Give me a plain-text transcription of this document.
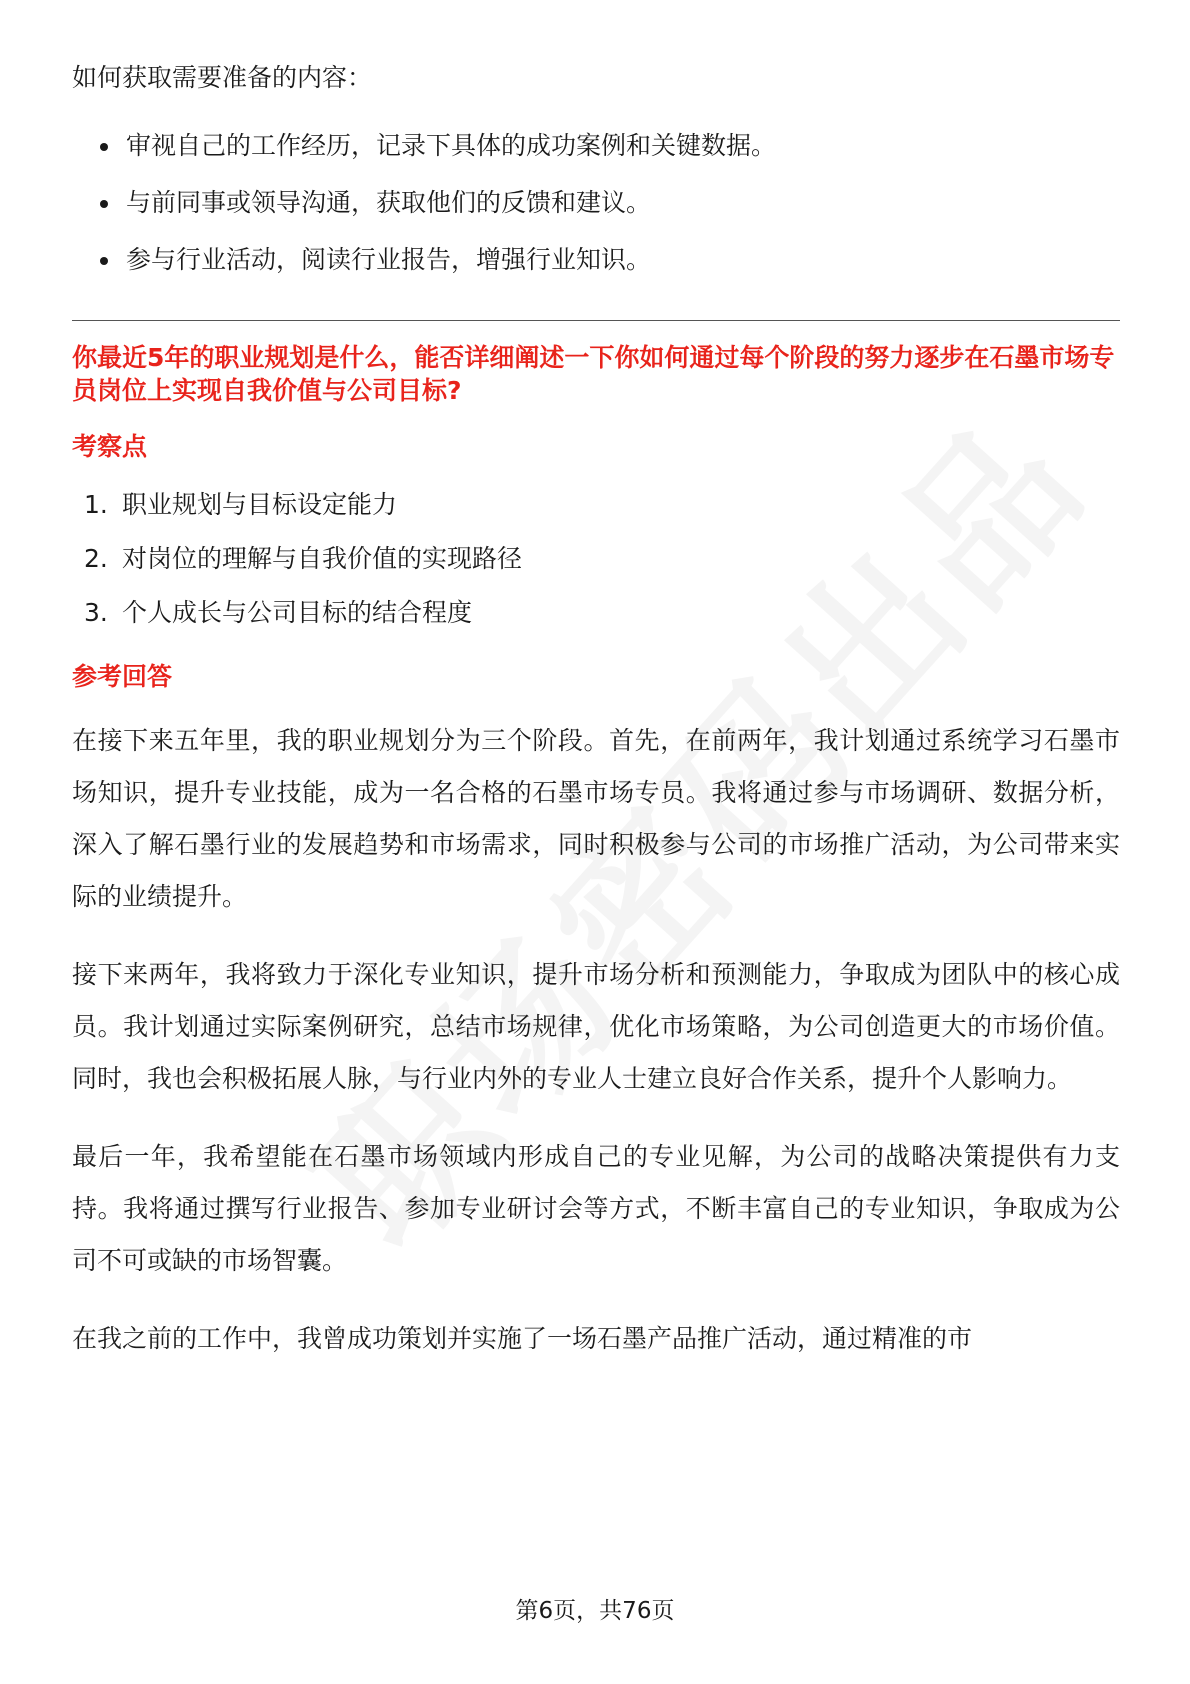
如何获取需要准备的内容：

审视自己的工作经历，记录下具体的成功案例和关键数据。
与前同事或领导沟通，获取他们的反馈和建议。
参与行业活动，阅读行业报告，增强行业知识。

你最近5年的职业规划是什么，能否详细阐述一下你如何通过每个阶段的努力逐步在石墨市场专员岗位上实现自我价值与公司目标?

考察点

1. 职业规划与目标设定能力
2. 对岗位的理解与自我价值的实现路径
3. 个人成长与公司目标的结合程度

参考回答

在接下来五年里，我的职业规划分为三个阶段。首先，在前两年，我计划通过系统学习石墨市场知识，提升专业技能，成为一名合格的石墨市场专员。我将通过参与市场调研、数据分析，深入了解石墨行业的发展趋势和市场需求，同时积极参与公司的市场推广活动，为公司带来实际的业绩提升。

接下来两年，我将致力于深化专业知识，提升市场分析和预测能力，争取成为团队中的核心成员。我计划通过实际案例研究，总结市场规律，优化市场策略，为公司创造更大的市场价值。同时，我也会积极拓展人脉，与行业内外的专业人士建立良好合作关系，提升个人影响力。

最后一年，我希望能在石墨市场领域内形成自己的专业见解，为公司的战略决策提供有力支持。我将通过撰写行业报告、参加专业研讨会等方式，不断丰富自己的专业知识，争取成为公司不可或缺的市场智囊。

在我之前的工作中，我曾成功策划并实施了一场石墨产品推广活动，通过精准的市

第6页，共76页
